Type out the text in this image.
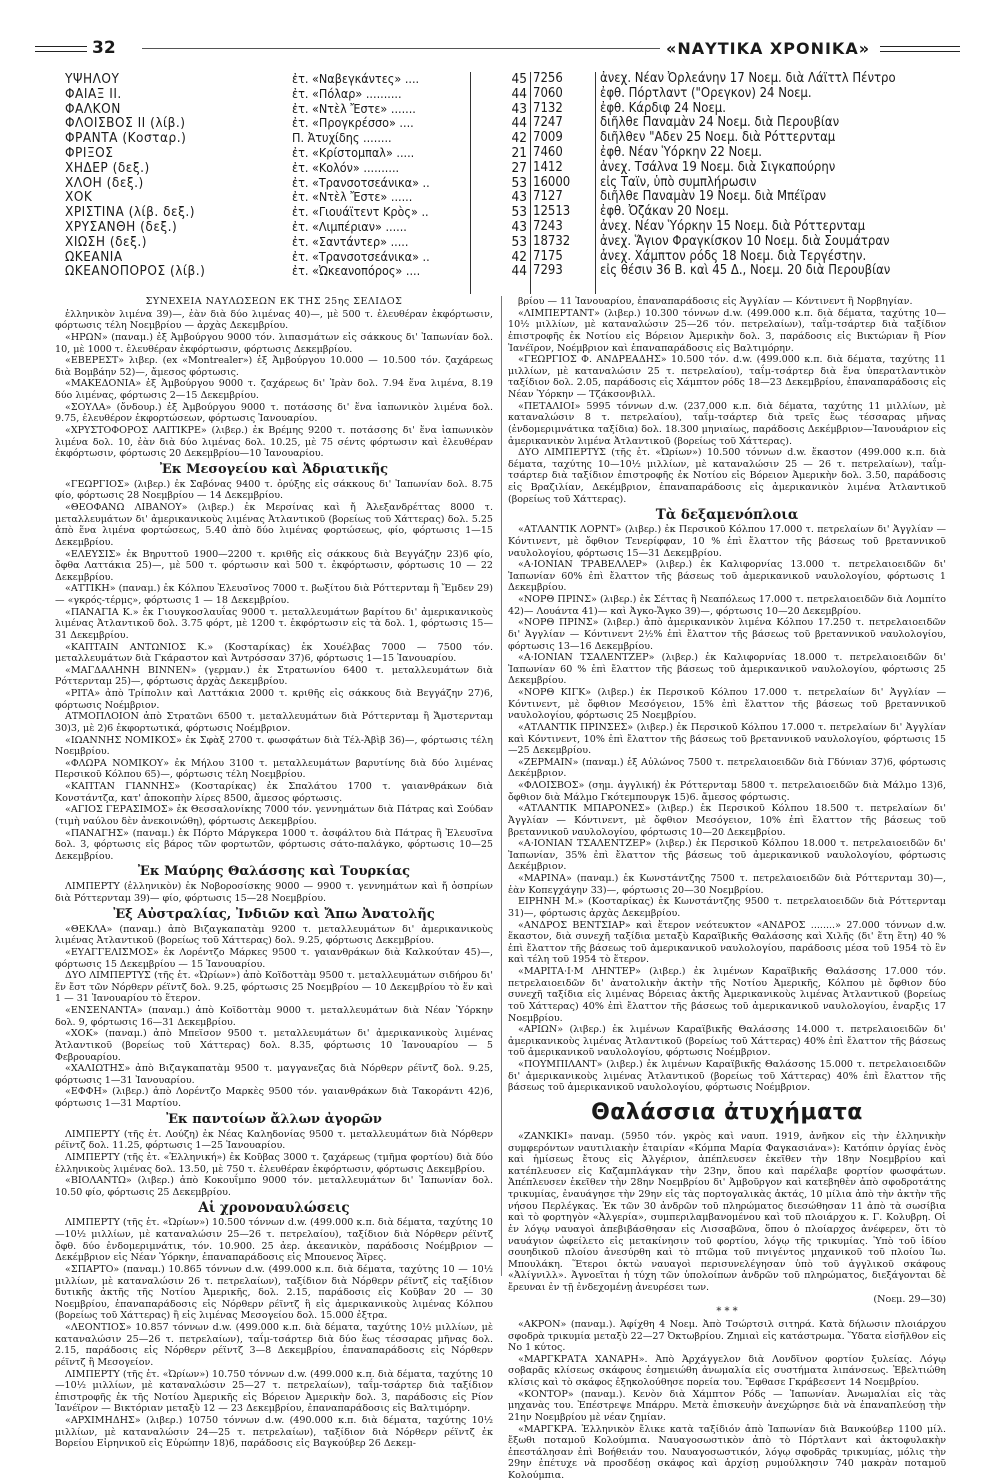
32	«ΝΑΥΤΙΚΑ ΧΡΟΝΙΚΑ»
ΥΨΗΛΟΥ	ἐτ. «Ναβεγκάντες» ....	45 7256	ἀνεχ. Νέαν Ὀρλεάνην 17 Νοεμ. διὰ Λάϊττλ Πέντρο
ΦΑΙΑΞ ΙΙ.	ἐτ. «Πόλαρ» ..........	44 7060	ἐφθ. Πόρτλαντ ("Ορεγκον) 24 Νοεμ.
ΦΑΛΚΟΝ	ἐτ. «Ντὲλ Ἔστε» .......	43 7132	ἐφθ. Κάρδιφ 24 Νοεμ.
ΦΛΟΙΣΒΟΣ ΙΙ (λίβ.)	ἐτ. «Προγκρέσσο» ....	44 7247	διῆλθε Παναμὰν 24 Νοεμ. διὰ Περουβίαν
ΦΡΑΝΤΑ (Κοσταρ.)	Π. Ἀτυχίδης ........	42 7009	διῆλθεν "Αδεν 25 Νοεμ. διὰ Ρόττερνταμ
ΦΡΙΞΟΣ	ἐτ. «Κρίστομπαλ» .....	21 7460	ἐφθ. Νέαν Ὑόρκην 22 Νοεμ.
ΧΗΔΕΡ (δεξ.)	ἐτ. «Κολόν» ..........	27 1412	ἀνεχ. Τσάλνα 19 Νοεμ. διὰ Σιγκαπούρην
ΧΛΟΗ (δεξ.)	ἐτ. «Τρανσοτσεάνικα» ..	53 16000	εἰς Ταϊν, ὑπὸ συμπλήρωσιν
ΧΟΚ	ἐτ. «Ντὲλ Ἔστε» ......	43 7127	διῆλθε Παναμὰν 19 Νοεμ. διὰ Μπέϊραν
ΧΡΙΣΤΙΝΑ (λίβ. δεξ.)	ἐτ. «Γιουάϊτεντ Κρὸς» ..	53 12513	ἐφθ. Ὀζάκαν 20 Νοεμ.
ΧΡΥΣΑΝΘΗ (δεξ.)	ἐτ. «Λιμπέριαν» ......	43 7243	ἀνεχ. Νέαν Ὑόρκην 15 Νοεμ. διὰ Ρόττερνταμ
ΧΙΩΣΗ (δεξ.)	ἐτ. «Σαντάντερ» .....	53 18732	ἀνεχ. Ἅγιον Φραγκίσκον 10 Νοεμ. διὰ Σουμάτραν
ΩΚΕΑΝΙΑ	ἐτ. «Τρανσοτσεάνικα» ..	42 7175	ἀνεχ. Χάμπτον ρόδς 18 Νοεμ. διὰ Τεργέστην.
ΩΚΕΑΝΟΠΟΡΟΣ (λίβ.)	ἐτ. «Ὠκεανοπόρος» ....	44 7293	εἰς θέσιν 36 Β. καὶ 45 Δ., Νοεμ. 20 διὰ Περουβίαν
ΣΥΝΕΧΕΙΑ ΝΑΥΛΩΣΕΩΝ ΕΚ ΤΗΣ 25ης ΣΕΛΙΔΟΣ

ἑλληνικὸν λιμένα 39)—, ἐὰν διὰ δύο λιμένας 40)—, μὲ 500 τ. ἐλευθέραν ἐκφόρτωσιν, φόρτωσις τέλη Νοεμβρίου — ἀρχὰς Δεκεμβρίου.

«ΗΡΩΝ» (παναμ.) ἐξ Ἀμβούργου 9000 τόν. λιπασμάτων εἰς σάκκους δι' Ἰαπωνίαν δολ. 10, μὲ 1000 τ. ἐλευθέραν ἐκφόρτωσιν, φόρτωσις Δεκεμβρίου.

«ΕΒΕΡΕΣΤ» λιβερ. (ex «Montrealer») ἐξ Ἀμβούργου 10.000 — 10.500 τόν. ζαχάρεως διὰ Βομβάην 52)—, ἄμεσος φόρτωσις.

«ΜΑΚΕΔΟΝΙΑ» ἐξ Ἀμβούργου 9000 τ. ζαχάρεως δι' Ἰρὰν δολ. 7.94 ἕνα λιμένα, 8.19 δύο λιμένας, φόρτωσις 2—15 Δεκεμβρίου.

«ΣΟΥΛΑ» (ὄνδουρ.) ἐξ Ἀμβούργου 9000 τ. ποτάσσης δι' ἕνα ἰαπωνικὸν λιμένα δολ. 9.75, ἐλευθέρον ἐκφορτώσεων, φόρτωσις Ἰανουαρίου.

«ΧΡΥΣΤΟΦΟΡΟΣ ΛΑΙΤΙΚΡΕ» (λιβερ.) ἐκ Βρέμης 9200 τ. ποτάσσης δι' ἕνα ἰαπωνικὸν λιμένα δολ. 10, ἐὰν διὰ δύο λιμένας δολ. 10.25, μὲ 75 σέντς φόρτωσιν καὶ ἐλευθέραν ἐκφόρτωσιν, φόρτωσις 20 Δεκεμβρίου—10 Ἰανουαρίου.

Ἐκ Μεσογείου καὶ Ἀδριατικῆς

«ΓΕΩΡΓΙΟΣ» (λιβερ.) ἐκ Σαβόνας 9400 τ. ὀρύξης εἰς σάκκους δι' Ἰαπωνίαν δολ. 8.75 φίο, φόρτωσις 28 Νοεμβρίου — 14 Δεκεμβρίου.

«ΘΕΟΦΑΝΩ ΛΙΒΑΝΟΥ» (λιβερ.) ἐκ Μερσίνας καὶ ἤ Ἀλεξανδρέττας 8000 τ. μεταλλευμάτων δι' ἀμερικανικοὺς λιμένας Ἀτλαντικοῦ (βορείως τοῦ Χάττερας) δολ. 5.25 ἀπὸ ἕνα λιμένα φορτώσεως, 5.40 ἀπὸ δύο λιμένας φορτώσεως, φίο, φόρτωσις 1—15 Δεκεμβρίου.

«ΕΛΕΥΣΙΣ» ἐκ Βηρυττοῦ 1900—2200 τ. κριθῆς εἰς σάκκους διὰ Βεγγάζην 23)6 φίο, ὄφθα Λαττάκια 25)—, μὲ 500 τ. φόρτωσιν καὶ 500 τ. ἐκφόρτωσιν, φόρτωσις 10 — 22 Δεκεμβρίου.

«ΑΤΤΙΚΗ» (παναμ.) ἐκ Κόλπου Ἐλευσῖνος 7000 τ. βωξίτου διὰ Ρόττερνταμ ἢ Ἔμδεν 29)— «γκρός-τέρμς», φόρτωσις 1 — 18 Δεκεμβρίου.

«ΠΑΝΑΓΙΑ Κ.» ἐκ Γιουγκοσλαυΐας 9000 τ. μεταλλευμάτων βαρίτου δι' ἀμερικανικοὺς λιμένας Ἀτλαντικοῦ δολ. 3.75 φόρτ, μὲ 1200 τ. ἐκφόρτωσιν εἰς τὰ δολ. 1, φόρτωσις 15—31 Δεκεμβρίου.

«ΚΑΠΤΑΙΝ ΑΝΤΩΝΙΟΣ Κ.» (Κοσταρίκας) ἐκ Χουέλβας 7000 — 7500 τόν. μεταλλευμάτων διὰ Γκάραστον καὶ Ἀντρόσσαν 37)6, φόρτωσις 1—15 Ἰανουαρίου.

«ΜΑΓΔΑΛΗΝΗ ΒΙΝΝΕΝ» (γερμαν.) ἐκ Στρατωνίου 6400 τ. μεταλλευμάτων διὰ Ρόττερνταμ 25)—, φόρτωσις ἀρχὰς Δεκεμβρίου.

«ΡΙΤΑ» ἀπὸ Τρίπολιν καὶ Λαττάκια 2000 τ. κριθῆς εἰς σάκκους διὰ Βεγγάζην 27)6, φόρτωσις Νοέμβριον.

ΑΤΜΟΠΛΟΙΟΝ ἀπὸ Στρατῶνι 6500 τ. μεταλλευμάτων διὰ Ρόττερνταμ ἢ Ἄμστερνταμ 30)3, μὲ 2)6 ἐκφορτωτικά, φόρτωσις Νοέμβριον.

«ΙΩΑΝΝΗΣ ΝΟΜΙΚΟΣ» ἐκ Σφὰξ 2700 τ. φωσφάτων διὰ Τέλ-Ἀβὶβ 36)—, φόρτωσις τέλη Νοεμβρίου.

«ΦΛΩΡΑ ΝΟΜΙΚΟΥ» ἐκ Μήλου 3100 τ. μεταλλευμάτων βαρυτίνης διὰ δύο λιμένας Περσικοῦ Κόλπου 65)—, φόρτωσις τέλη Νοεμβρίου.

«ΚΑΠΤΑΝ ΓΙΑΝΝΗΣ» (Κοσταρίκας) ἐκ Σπαλάτου 1700 τ. γαιανθράκων διὰ Κονστάντζα, κατ' ἀποκοπὴν λίρες 8500, ἄμεσος φόρτωσις.

«ΑΓΙΟΣ ΓΕΡΑΣΙΜΟΣ» ἐκ Θεσσαλονίκης 7000 τόν. γεννημάτων διὰ Πάτρας καὶ Σούδαν (τιμὴ ναύλου δὲν ἀνεκοινώθη), φόρτωσις Δεκεμβρίου.

«ΠΑΝΑΓΗΣ» (παναμ.) ἐκ Πόρτο Μάργκερα 1000 τ. ἀσφάλτου διὰ Πάτρας ἢ Ἐλευσῖνα δολ. 3, φόρτωσις εἰς βάρος τῶν φορτωτῶν, φόρτωσις σάτο-παλάγκο, φόρτωσις 10—25 Δεκεμβρίου.

Ἐκ Μαύρης Θαλάσσης καὶ Τουρκίας

ΛΙΜΠΕΡΤΥ (ἑλληνικὸν) ἐκ Νοβοροσίσκης 9000 — 9900 τ. γεννημάτων καὶ ἤ ὀσπρίων διὰ Ρόττερνταμ 39)— φίο, φόρτωσις 15—28 Νοεμβρίου.

Ἐξ Αὐστραλίας, Ἰνδιῶν καὶ Ἄπω Ἀνατολῆς

«ΘΕΚΛΑ» (παναμ.) ἀπὸ Βιζαγκαπατὰμ 9200 τ. μεταλλευμάτων δι' ἀμερικανικοὺς λιμένας Ἀτλαντικοῦ (βορείως τοῦ Χάττερας) δολ. 9.25, φόρτωσις Δεκεμβρίου.

«ΕΥΑΓΓΕΛΙΣΜΟΣ» ἐκ Λορέντζο Μάρκες 9500 τ. γαιανθράκων διὰ Καλκούταν 45)—, φόρτωσις 15 Δεκεμβρίου — 15 Ἰανουαρίου.

ΔΥΟ ΛΙΜΠΕΡΤΥΣ (τῆς ἑτ. «Ὠρίων») ἀπὸ Κοϊδοττὰμ 9500 τ. μεταλλευμάτων σιδήρου δι' ἕν ἔστ τῶν Νόρθερν ρέϊντζ δολ. 9.25, φόρτωσις 25 Νοεμβρίου — 10 Δεκεμβρίου τὸ ἕν καὶ 1 — 31 Ἰανουαρίου τὸ ἕτερον.

«ΕΝΣΕΝΑΝΤΑ» (παναμ.) ἀπὸ Κοϊδοττὰμ 9000 τ. μεταλλευμάτων διὰ Νέαν Ὑόρκην δολ. 9, φόρτωσις 16—31 Δεκεμβρίου.

«ΧΟΚ» (παναμ.) ἀπὸ Μπεϊσον 9500 τ. μεταλλευμάτων δι' ἀμερικανικοὺς λιμένας Ἀτλαντικοῦ (βορείως τοῦ Χάττερας) δολ. 8.35, φόρτωσις 10 Ἰανουαρίου — 5 Φεβρουαρίου.

«ΧΑΛΙΩΤΗΣ» ἀπὸ Βιζαγκαπατὰμ 9500 τ. μαγγανεζας διὰ Νόρθερν ρέϊντζ δολ. 9.25, φόρτωσις 1—31 Ἰανουαρίου.

«ΕΦΦΗ» (λιβερ.) ἀπὸ Λορέντζο Μαρκὲς 9500 τόν. γαιανθράκων διὰ Τακοράντι 42)6, φόρτωσις 1—31 Μαρτίου.

Ἐκ παντοίων ἄλλων ἀγορῶν

ΛΙΜΠΕΡΤΥ (τῆς ἑτ. Λούζη) ἐκ Νέας Καληδονίας 9500 τ. μεταλλευμάτων διὰ Νόρθερν ρέϊντζ δολ. 11.25, φόρτωσις 1—25 Ἰανουαρίου.

ΛΙΜΠΕΡΤΥ (τῆς ἑτ. «Ἑλληνική») ἐκ Κοῦβας 3000 τ. ζαχάρεως (τμῆμα φορτίου) διὰ δύο ἑλληνικοὺς λιμένας δολ. 13.50, μὲ 750 τ. ἐλευθέραν ἐκφόρτωσιν, φόρτωσις Δεκεμβρίου.

«ΒΙΟΛΑΝΤΩ» (λιβερ.) ἀπὸ Κοκουΐμπο 9000 τόν. μεταλλευμάτων δι' Ἰαπωνίαν δολ. 10.50 φίο, φόρτωσις 25 Δεκεμβρίου.

Αἱ χρονοναυλώσεις

ΛΙΜΠΕΡΤΥ (τῆς ἑτ. «Ὠρίων») 10.500 τόννων d.w. (499.000 κ.π. διὰ δέματα, ταχύτης 10—10½ μιλλίων, μὲ καταναλώσιν 25—26 τ. πετρελαίου), ταξίδιον διὰ Νόρθερν ρέϊντζ ὄφθ. δύο ἐνδομεριμνάτικ, τόν. 10.900. 25 ἀερ. ἀκεανικὸν, παράδοσις Νοέμβριον — Δεκέμβριον εἰς Νέαν Ὑόρκην, ἐπαναπαράδοσις εἰς Μπουενος Ἄϊρες.

«ΣΠΑΡΤΟ» (παναμ.) 10.865 τόννων d.w. (499.000 κ.π. διὰ δέματα, ταχύτης 10 — 10½ μιλλίων, μὲ καταναλώσιν 26 τ. πετρελαίων), ταξίδιον διὰ Νόρθερν ρέϊντζ εἰς ταξίδιον δυτικῆς ἀκτῆς τῆς Νοτίου Ἀμερικῆς, δολ. 2.15, παράδοσις εἰς Κοῦβαν 20 — 30 Νοεμβρίου, ἐπαναπαράδοσις εἰς Νόρθερν ρέϊντζ ἢ εἰς ἀμερικανικοὺς λιμένας Κόλπου (βορείως τοῦ Χάττερας) ἢ εἰς λιμένας Μεσογείου δολ. 15.000 ἐξτρα.

«ΛΕΟΝΤΙΟΣ» 10.857 τόννων d.w. (499.000 κ.π. διὰ δέματα, ταχύτης 10½ μιλλίων, μὲ καταναλώσιν 25—26 τ. πετρελαίων), ταΐμ-τσάρτερ διὰ δύο ἕως τέσσαρας μῆνας δολ. 2.15, παράδοσις εἰς Νόρθερν ρέϊντζ 3—8 Δεκεμβρίου, ἐπαναπαράδοσις εἰς Νόρθερν ρέϊντζ ἢ Μεσογείον.

ΛΙΜΠΕΡΤΥ (τῆς ἑτ. «Ὠρίων») 10.750 τόννων d.w. (499.000 κ.π. διὰ δέματα, ταχύτης 10—10½ μιλλίων, μὲ καταναλώσιν 25—27 τ. πετρελαίων), ταΐμ-τσάρτερ διὰ ταξίδιον ἐπιστροφῆς ἐκ τῆς Νοτίου Ἀμερικῆς εἰς Βόρειον Ἀμερικὴν δολ. 3, παράδοσις εἰς Ρίον Ἰανέϊρον — Βικτόριαν μεταξὺ 12 — 23 Δεκεμβρίου, ἐπαναπαράδοσις εἰς Βαλτιμόρην.

«ΑΡΧΙΜΗΔΗΣ» (λιβερ.) 10750 τόννων d.w. (490.000 κ.π. διὰ δέματα, ταχύτης 10½ μιλλίων, μὲ καταναλώσιν 24—25 τ. πετρελαίων), ταξίδιον διὰ Νόρθερν ρέϊντζ ἐκ Βορείου Εἰρηνικοῦ εἰς Εὐρώπην 18)6, παράδοσις εἰς Βαγκούβερ 26 Δεκεμ-

βρίου — 11 Ἰανουαρίου, ἐπαναπαράδοσις εἰς Ἀγγλίαν — Κόντινεντ ἢ Νορβηγίαν.

«ΛΙΜΠΕΡΤΑΝΤ» (λιβερ.) 10.300 τόννων d.w. (499.000 κ.π. διὰ δέματα, ταχύτης 10—10½ μιλλίων, μὲ καταναλώσιν 25—26 τόν. πετρελαίων), ταΐμ-τσάρτερ διὰ ταξίδιον ἐπιστροφῆς ἐκ Νοτίου εἰς Βόρειον Ἀμερικὴν δολ. 3, παράδοσις εἰς Βικτώριαν ἢ Ρίον Ἰανέϊρον, Νοέμβριον καὶ ἐπαναπαράδοσις εἰς Βαλτιμόρην.

«ΓΕΩΡΓΙΟΣ Φ. ΑΝΔΡΕΑΔΗΣ» 10.500 τόν. d.w. (499.000 κ.π. διὰ δέματα, ταχύτης 11 μιλλίων, μὲ καταναλώσιν 25 τ. πετρελαίου), ταΐμ-τσάρτερ διὰ ἕνα ὑπερατλαντικὸν ταξίδιον δολ. 2.05, παράδοσις εἰς Χάμπτον ρόδς 18—23 Δεκεμβρίου, ἐπαναπαράδοσις εἰς Νέαν Ὑόρκην — Τζάκσονβιλλ.

«ΠΕΤΑΛΙΟΙ» 5995 τόννων d.w. (237.000 κ.π. διὰ δέματα, ταχύτης 11 μιλλίων, μὲ καταναλώσιν 8 τ. πετρελαίου), ταΐμ-τσάρτερ διὰ τρεῖς ἕως τέσσαρας μῆνας (ἐνδομεριμνάτικα ταξίδια) δολ. 18.300 μηνιαίως, παράδοσις Δεκέμβριον—Ἰανουάριον εἰς ἀμερικανικὸν λιμένα Ἀτλαντικοῦ (βορείως τοῦ Χάττερας).

ΔΥΟ ΛΙΜΠΕΡΤΥΣ (τῆς ἑτ. «Ὠρίων») 10.500 τόννων d.w. ἕκαστον (499.000 κ.π. διὰ δέματα, ταχύτης 10—10½ μιλλίων, μὲ καταναλώσιν 25 — 26 τ. πετρελαίων), ταΐμ-τσάρτερ διὰ ταξίδιον ἐπιστροφῆς ἐκ Νοτίου εἰς Βόρειον Ἀμερικὴν δολ. 3.50, παράδοσις εἰς Βραζιλίαν, Δεκέμβριον, ἐπαναπαράδοσις εἰς ἀμερικανικὸν λιμένα Ἀτλαντικοῦ (βορείως τοῦ Χάττερας).

Τὰ δεξαμενόπλοια

«ΑΤΛΑΝΤΙΚ ΛΟΡΝΤ» (λιβερ.) ἐκ Περσικοῦ Κόλπου 17.000 τ. πετρελαίων δι' Ἀγγλίαν — Κόντινεντ, μὲ ὄφθιον Τενερίφφαν, 10 % ἐπὶ ἔλαττον τῆς βάσεως τοῦ βρεταννικοῦ ναυλολογίου, φόρτωσις 15—31 Δεκεμβρίου.

«Α·ΙΟΝΙΑΝ ΤΡΑΒΕΛΛΕΡ» (λιβερ.) ἐκ Καλιφορνίας 13.000 τ. πετρελαιοειδῶν δι' Ἰαπωνίαν 60% ἐπὶ ἔλαττον τῆς βάσεως τοῦ ἀμερικανικοῦ ναυλολογίου, φόρτωσις 1 Δεκεμβρίου.

«ΝΟΡΘ ΠΡΙΝΣ» (λιβερ.) ἐκ Σέττας ἢ Νεαπόλεως 17.000 τ. πετρελαιοειδῶν διὰ Λομπίτο 42)— Λουάντα 41)— καὶ Ἀγκο-Ἄγκο 39)—, φόρτωσις 10—20 Δεκεμβρίου.

«ΝΟΡΘ ΠΡΙΝΣ» (λιβερ.) ἀπὸ ἀμερικανικὸν λιμένα Κόλπου 17.250 τ. πετρελαιοειδῶν δι' Ἀγγλίαν — Κόντινεντ 2½% ἐπὶ ἔλαττον τῆς βάσεως τοῦ βρεταννικοῦ ναυλολογίου, φόρτωσις 13—16 Δεκεμβρίου.

«Α·ΙΟΝΙΑΝ ΤΣΑΛΕΝΤΖΕΡ» (λιβερ.) ἐκ Καλιφορνίας 18.000 τ. πετρελαιοειδῶν δι' Ἰαπωνίαν 60 % ἐπὶ ἔλαττον τῆς βάσεως τοῦ ἀμερικανικοῦ ναυλολογίου, φόρτωσις 25 Δεκεμβρίου.

«ΝΟΡΘ ΚΙΓΚ» (λιβερ.) ἐκ Περσικοῦ Κόλπου 17.000 τ. πετρελαίων δι' Ἀγγλίαν — Κόντινεντ, μὲ ὄφθιον Μεσόγειον, 15% ἐπὶ ἔλαττον τῆς βάσεως τοῦ βρεταννικοῦ ναυλολογίου, φόρτωσις 25 Νοεμβρίου.

«ΑΤΛΑΝΤΙΚ ΠΡΙΝΣΕΣ» (λιβερ.) ἐκ Περσικοῦ Κόλπου 17.000 τ. πετρελαίων δι' Ἀγγλίαν καὶ Κόντινεντ, 10% ἐπὶ ἔλαττον τῆς βάσεως τοῦ βρεταννικοῦ ναυλολογίου, φόρτωσις 15—25 Δεκεμβρίου.

«ΖΕΡΜΑΙΝ» (παναμ.) ἐξ Αὐλώνος 7500 τ. πετρελαιοειδῶν διὰ Γδύνιαν 37)6, φόρτωσις Δεκέμβριον.

«ΦΛΟΙΣΒΟΣ» (σημ. ἀγγλική) ἐκ Ρόττερνταμ 5800 τ. πετρελαιοειδῶν διὰ Μάλμο 13)6, ὄφθιον διὰ Μάλμο Γκότεμπουργκ 15)6. ἄμεσος φόρτωσις.

«ΑΤΛΑΝΤΙΚ ΜΠΑΡΟΝΕΣ» (λιβερ.) ἐκ Περσικοῦ Κόλπου 18.500 τ. πετρελαίων δι' Ἀγγλίαν — Κόντινεντ, μὲ ὄφθιον Μεσόγειον, 10% ἐπὶ ἔλαττον τῆς βάσεως τοῦ βρεταννικοῦ ναυλολογίου, φόρτωσις 10—20 Δεκεμβρίου.

«Α·ΙΟΝΙΑΝ ΤΣΑΛΕΝΤΖΕΡ» (λιβερ.) ἐκ Περσικοῦ Κόλπου 18.000 τ. πετρελαιοειδῶν δι' Ἰαπωνίαν, 35% ἐπὶ ἔλαττον τῆς βάσεως τοῦ ἀμερικανικοῦ ναυλολογίου, φόρτωσις Δεκέμβριον.

«ΜΑΡΙΝΑ» (παναμ.) ἐκ Κωνστάντζης 7500 τ. πετρελαιοειδῶν διὰ Ρόττερνταμ 30)—, ἐὰν Κοπεγχάγην 33)—, φόρτωσις 20—30 Νοεμβρίου.

ΕΙΡΗΝΗ Μ.» (Κοσταρίκας) ἐκ Κωνστάντζης 9500 τ. πετρελαιοειδῶν διὰ Ρόττερνταμ 31)—, φόρτωσις ἀρχὰς Δεκεμβρίου.

«ΑΝΔΡΟΣ ΒΕΝΤΣΙΑΡ» καὶ ἕτερον νεότευκτον «ΑΝΔΡΟΣ ........» 27.000 τόννων d.w. ἕκαστον, διὰ συνεχῆ ταξίδια μεταξὺ Καραϊβικῆς Θαλάσσης καὶ Χιλῆς (δι' ἕτη ἕτη) 40 % ἐπὶ ἔλαττον τῆς βάσεως τοῦ ἀμερικανικοῦ ναυλολογίου, παράδοσις μέσα τοῦ 1954 τὸ ἓν καὶ τέλη τοῦ 1954 τὸ ἕτερον.

«ΜΑΡΙΤΑ·Ι·Μ ΛΗΝΤΕΡ» (λιβερ.) ἐκ λιμένων Καραϊβικῆς Θαλάσσης 17.000 τόν. πετρελαιοειδῶν δι' ἀνατολικὴν ἀκτὴν τῆς Νοτίου Ἀμερικῆς, Κόλπου μὲ ὄφθιον δύο συνεχῆ ταξίδια εἰς λιμένας Βόρειας ἀκτῆς Ἀμερικανικοὺς λιμένας Ἀτλαντικοῦ (βορείως τοῦ Χάττερας) 40% ἐπὶ ἔλαττον τῆς βάσεως τοῦ ἀμερικανικοῦ ναυλολογίου, ἐναρξις 17 Νοεμβρίου.

«ΑΡΙΩΝ» (λιβερ.) ἐκ λιμένων Καραϊβικῆς Θαλάσσης 14.000 τ. πετρελαιοειδῶν δι' ἀμερικανικοὺς λιμένας Ἀτλαντικοῦ (βορείως τοῦ Χάττερας) 40% ἐπὶ ἔλαττον τῆς βάσεως τοῦ ἀμερικανικοῦ ναυλολογίου, φόρτωσις Νοέμβριον.

«ΠΟΥΜΠΙΛΑΝΤ» (λιβερ.) ἐκ λιμένων Καραϊβικῆς Θαλάσσης 15.000 τ. πετρελαιοειδῶν δι' ἀμερικανικοὺς λιμένας Ἀτλαντικοῦ (βορείως τοῦ Χάττερας) 40% ἐπὶ ἔλαττον τῆς βάσεως τοῦ ἀμερικανικοῦ ναυλολογίου, φόρτωσις Νοέμβριον.

Θαλάσσια ἀτυχήματα

«ΖΑΝΚΙΚΙ» παναμ. (5950 τόν. γκρὸς καὶ ναυπ. 1919, ἀνῆκον εἰς τὴν ἑλληνικὴν συμφερόντων ναυτιλιακὴν ἑταιρίαν «Κόμπα Μαρία Φαγκασιάνα»): Κατόπιν ὀργίας ἑνὸς καὶ ἡμίσεως ἔτους εἰς Ἀλγέριον, ἀπέπλευσεν ἐκεῖθεν τὴν 18ην Νοεμβρίου καὶ κατέπλευσεν εἰς Καζαμπλάγκαν τὴν 23ην, ὅπου καὶ παρέλαβε φορτίον φωσφάτων. Ἀπέπλευσεν ἐκεῖθεν τὴν 28ην Νοεμβρίου δι' Ἀμβοῦργον καὶ κατεβηθὲν ἀπὸ σφοδροτάτης τρικυμίας, ἐναυάγησε τὴν 29ην εἰς τὰς πορτογαλικὰς ἀκτάς, 10 μίλια ἀπὸ τὴν ἀκτὴν τῆς νήσου Περλέγκας. Ἐκ τῶν 30 ἀνδρῶν τοῦ πληρώματος διεσώθησαν 11 ἀπὸ τὰ σωσίβια καὶ τὸ φορτηγὸν «Ἀλγερία», συμπεριλαμβανομένου καὶ τοῦ πλοιάρχου κ. Γ. Κολυβρη. Οἱ ἐν λόγῳ ναυαγοὶ ἀπεβιβάσθησαν εἰς Λισσαβῶνα, ὅπου ὁ πλοίαρχος ἀνέφερεν, ὅτι τὸ ναυάγιον ὠφείλετο εἰς μετακίνησιν τοῦ φορτίου, λόγῳ τῆς τρικυμίας. Ὑπὸ τοῦ ἰδίου σουηδικοῦ πλοίου ἀνεσύρθη καὶ τὸ πτῶμα τοῦ πνιγέντος μηχανικοῦ τοῦ πλοίου Ἰω. Μπουλάκη. Ἕτεροι ὀκτὼ ναυαγοὶ περισυνελέγησαν ὑπὸ τοῦ ἀγγλικοῦ σκάφους «Ἀλίγνιλλ». Ἀγνοεῖται ἡ τύχη τῶν ὑπολοίπων ἀνδρῶν τοῦ πληρώματος, διεξάγονται δὲ ἔρευναι ἐν τῇ ἐνδεχομένῃ ἀνευρέσει των.

(Νοεμ. 29—30)
* * *

«ΑΚΡΟΝ» (παναμ.). Ἀφίχθη 4 Νοεμ. Ἀπὸ Τσώρτσιλ σιτηρά. Κατὰ δήλωσιν πλοιάρχου σφοδρὰ τρικυμία μεταξὺ 22—27 Ὀκτωβρίου. Ζημιαὶ εἰς κατάστρωμα. Ὕδατα εἰσῆλθον εἰς Νο 1 κύτος.

«ΜΑΡΓΚΡΑΤΑ ΧΑΝΑΡΗ». Ἀπὸ Ἀρχάγγελον διὰ Λονδῖνον φορτίον ξυλείας. Λόγῳ σοβαρᾶς κλίσεως σκάφους ἐσημειώθη ἀνωμαλία εἰς συστήματα λιπάνσεως. Ἐβελτιώθη κλίσις καὶ τὸ σκάφος ἐξηκολούθησε πορεία του. Ἔφθασε Γκράβεσεντ 14 Νοεμβρίου.

«ΚΟΝΤΟΡ» (παναμ.). Κενὸν διὰ Χάμπτον Ρόδς — Ἰαπωνίαν. Ἀνωμαλίαι εἰς τὰς μηχανὰς του. Ἐπέστρεψε Μπάρρυ. Μετὰ ἐπισκευὴν ἀνεχώρησε διὰ νὰ ἐπαναπλεύσῃ τὴν 21ην Νοεμβρίου μὲ νέαν ζημίαν.

«ΜΑΡΓΚΡΑ. Ἑλληνικὸν ἔλικε κατὰ ταξίδιόν ἀπὸ Ἰαπωνίαν διὰ Βανκούβερ 1100 μίλ. ἔξωθι ποταμοῦ Κολούμπια. Ναυαγοσωστικὸν ἀπὸ τὸ Πόρτλαντ καὶ ἀκτοφυλακὴν ἐπεστάλησαν ἐπὶ Βοήθειάν του. Ναυαγοσωστικόν, λόγῳ σφοδρᾶς τρικυμίας, μόλις τὴν 29ην ἐπέτυχε νὰ προσδέσῃ σκάφος καὶ ἀρχίσῃ ρυμούλκησιν 740 μακρὰν ποταμοῦ Κολούμπια.
